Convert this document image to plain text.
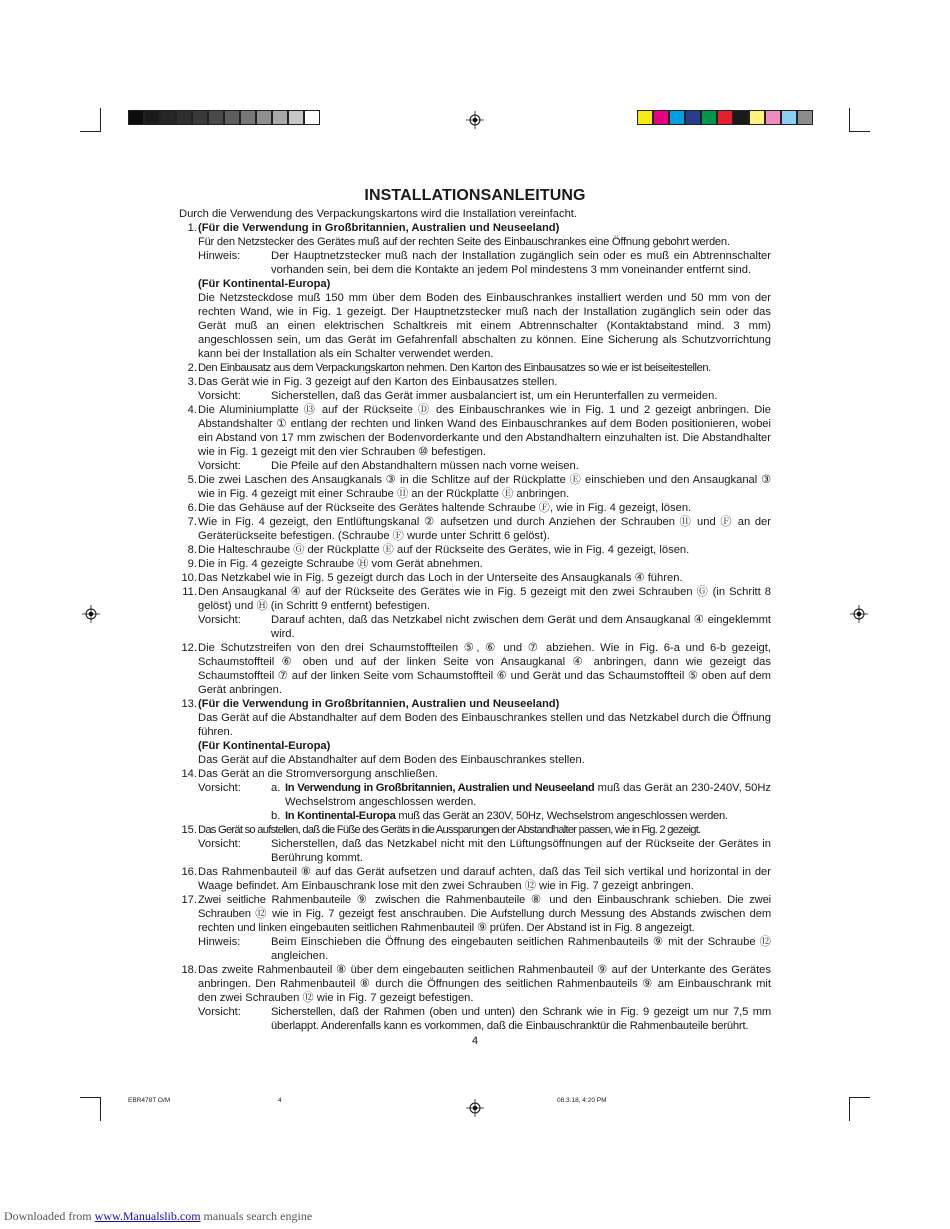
INSTALLATIONSANLEITUNG
Durch die Verwendung des Verpackungskartons wird die Installation vereinfacht.
1. (Für die Verwendung in Großbritannien, Australien und Neuseeland)
Für den Netzstecker des Gerätes muß auf der rechten Seite des Einbauschrankes eine Öffnung gebohrt werden.
Hinweis:	Der Hauptnetzstecker muß nach der Installation zugänglich sein oder es muß ein Abtrennschalter vorhanden sein, bei dem die Kontakte an jedem Pol mindestens 3 mm voneinander entfernt sind.
(Für Kontinental-Europa)
Die Netzsteckdose muß 150 mm über dem Boden des Einbauschrankes installiert werden und 50 mm von der rechten Wand, wie in Fig. 1 gezeigt. Der Hauptnetzstecker muß nach der Installation zugänglich sein oder das Gerät muß an einen elektrischen Schaltkreis mit einem Abtrennschalter (Kontaktabstand mind. 3 mm) angeschlossen sein, um das Gerät im Gefahrenfall abschalten zu können. Eine Sicherung als Schutzvorrichtung kann bei der Installation als ein Schalter verwendet werden.
2. Den Einbausatz aus dem Verpackungskarton nehmen. Den Karton des Einbausatzes so wie er ist beiseitestellen.
3. Das Gerät wie in Fig. 3 gezeigt auf den Karton des Einbausatzes stellen.
Vorsicht:	Sicherstellen, daß das Gerät immer ausbalanciert ist, um ein Herunterfallen zu vermeiden.
4. Die Aluminiumplatte ⑬ auf der Rückseite Ⓓ des Einbauschrankes wie in Fig. 1 und 2 gezeigt anbringen. Die Abstandshalter ① entlang der rechten und linken Wand des Einbauschrankes auf dem Boden positionieren, wobei ein Abstand von 17 mm zwischen der Bodenvorderkante und den Abstandhaltern einzuhalten ist. Die Abstandhalter wie in Fig. 1 gezeigt mit den vier Schrauben ⑩ befestigen.
Vorsicht:	Die Pfeile auf den Abstandhaltern müssen nach vorne weisen.
5. Die zwei Laschen des Ansaugkanals ③ in die Schlitze auf der Rückplatte Ⓔ einschieben und den Ansaugkanal ③ wie in Fig. 4 gezeigt mit einer Schraube ⑪ an der Rückplatte Ⓔ anbringen.
6. Die das Gehäuse auf der Rückseite des Gerätes haltende Schraube Ⓕ, wie in Fig. 4 gezeigt, lösen.
7. Wie in Fig. 4 gezeigt, den Entlüftungskanal ② aufsetzen und durch Anziehen der Schrauben ⑪ und Ⓕ an der Geräterückseite befestigen. (Schraube Ⓕ wurde unter Schritt 6 gelöst).
8. Die Halteschraube Ⓖ der Rückplatte Ⓔ auf der Rückseite des Gerätes, wie in Fig. 4 gezeigt, lösen.
9. Die in Fig. 4 gezeigte Schraube Ⓗ vom Gerät abnehmen.
10. Das Netzkabel wie in Fig. 5 gezeigt durch das Loch in der Unterseite des Ansaugkanals ④ führen.
11. Den Ansaugkanal ④ auf der Rückseite des Gerätes wie in Fig. 5 gezeigt mit den zwei Schrauben Ⓖ (in Schritt 8 gelöst) und Ⓗ (in Schritt 9 entfernt) befestigen.
Vorsicht:	Darauf achten, daß das Netzkabel nicht zwischen dem Gerät und dem Ansaugkanal ④ eingeklemmt wird.
12. Die Schutzstreifen von den drei Schaumstoffteilen ⑤, ⑥ und ⑦ abziehen. Wie in Fig. 6-a und 6-b gezeigt, Schaumstoffteil ⑥ oben und auf der linken Seite von Ansaugkanal ④ anbringen, dann wie gezeigt das Schaumstoffteil ⑦ auf der linken Seite vom Schaumstoffteil ⑥ und Gerät und das Schaumstoffteil ⑤ oben auf dem Gerät anbringen.
13. (Für die Verwendung in Großbritannien, Australien und Neuseeland)
Das Gerät auf die Abstandhalter auf dem Boden des Einbauschrankes stellen und das Netzkabel durch die Öffnung führen.
(Für Kontinental-Europa)
Das Gerät auf die Abstandhalter auf dem Boden des Einbauschrankes stellen.
14. Das Gerät an die Stromversorgung anschließen.
Vorsicht:	a. In Verwendung in Großbritannien, Australien und Neuseeland muß das Gerät an 230-240V, 50Hz Wechselstrom angeschlossen werden.
b. In Kontinental-Europa muß das Gerät an 230V, 50Hz, Wechselstrom angeschlossen werden.
15. Das Gerät so aufstellen, daß die Füße des Geräts in die Aussparungen der Abstandhalter passen, wie in Fig. 2 gezeigt.
Vorsicht:	Sicherstellen, daß das Netzkabel nicht mit den Lüftungsöffnungen auf der Rückseite der Gerätes in Berührung kommt.
16. Das Rahmenbauteil ⑧ auf das Gerät aufsetzen und darauf achten, daß das Teil sich vertikal und horizontal in der Waage befindet. Am Einbauschrank lose mit den zwei Schrauben ⑫ wie in Fig. 7 gezeigt anbringen.
17. Zwei seitliche Rahmenbauteile ⑨ zwischen die Rahmenbauteile ⑧ und den Einbauschrank schieben. Die zwei Schrauben ⑫ wie in Fig. 7 gezeigt fest anschrauben. Die Aufstellung durch Messung des Abstands zwischen dem rechten und linken eingebauten seitlichen Rahmenbauteil ⑨ prüfen. Der Abstand ist in Fig. 8 angezeigt.
Hinweis:	Beim Einschieben die Öffnung des eingebauten seitlichen Rahmenbauteils ⑨ mit der Schraube ⑫ angleichen.
18. Das zweite Rahmenbauteil ⑧ über dem eingebauten seitlichen Rahmenbauteil ⑨ auf der Unterkante des Gerätes anbringen. Den Rahmenbauteil ⑧ durch die Öffnungen des seitlichen Rahmenbauteils ⑨ am Einbauschrank mit den zwei Schrauben ⑫ wie in Fig. 7 gezeigt befestigen.
Vorsicht:	Sicherstellen, daß der Rahmen (oben und unten) den Schrank wie in Fig. 9 gezeigt um nur 7,5 mm überlappt. Anderenfalls kann es vorkommen, daß die Einbauschranktür die Rahmenbauteile berührt.
4
EBR478T O/M	4	08.3.18, 4:20 PM
Downloaded from www.Manualslib.com manuals search engine
